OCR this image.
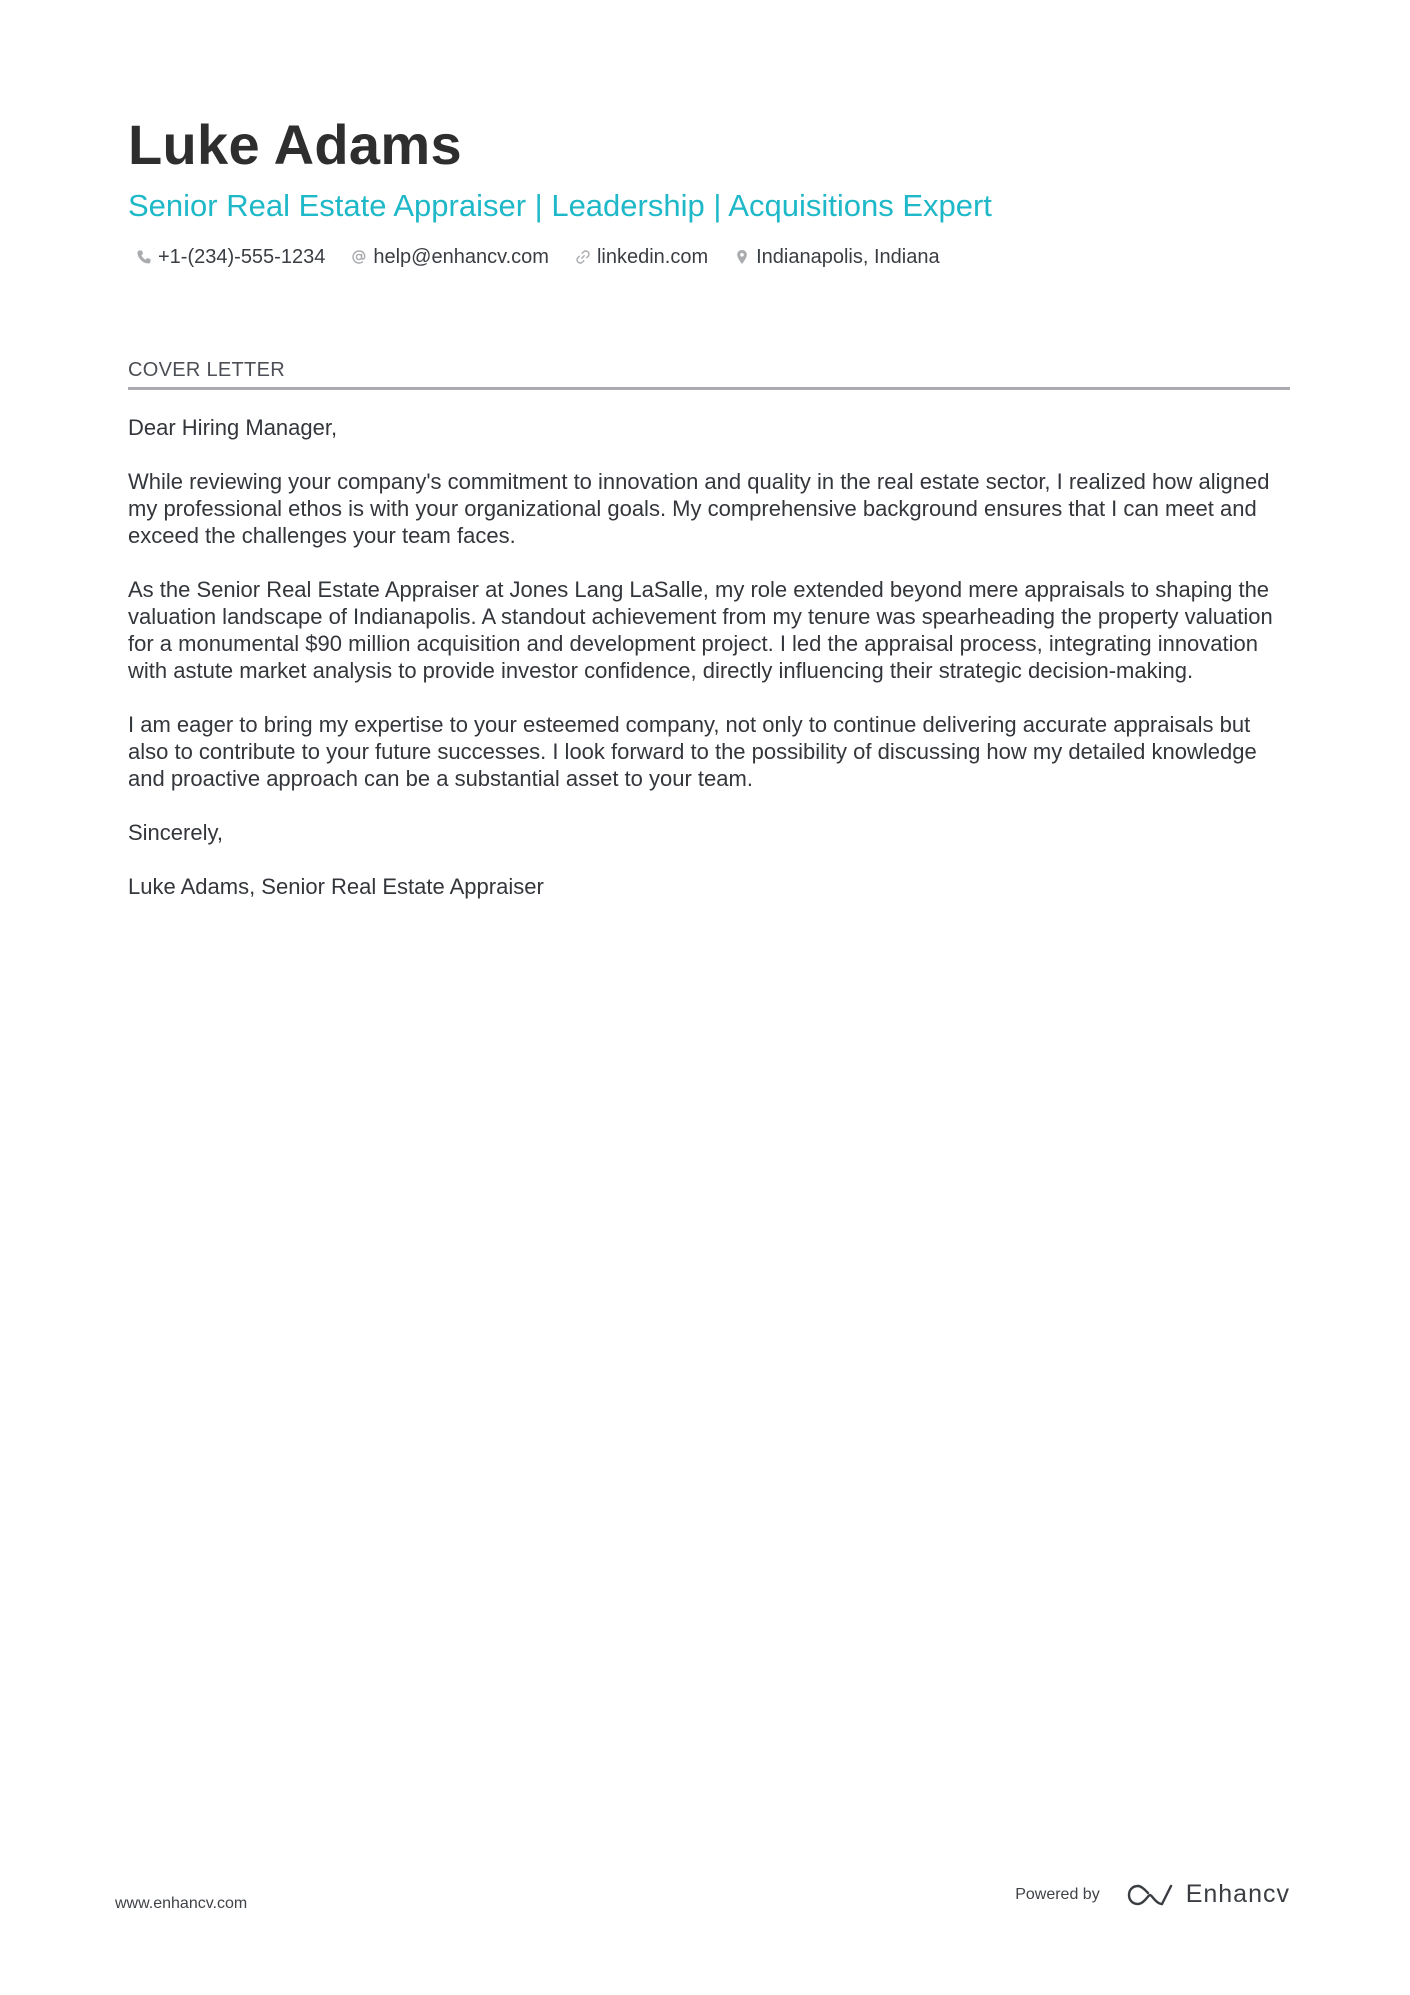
Luke Adams
Senior Real Estate Appraiser | Leadership | Acquisitions Expert
+1-(234)-555-1234 help@enhancv.com linkedin.com Indianapolis, Indiana
COVER LETTER

Dear Hiring Manager,

While reviewing your company's commitment to innovation and quality in the real estate sector, I realized how aligned my professional ethos is with your organizational goals. My comprehensive background ensures that I can meet and exceed the challenges your team faces.

As the Senior Real Estate Appraiser at Jones Lang LaSalle, my role extended beyond mere appraisals to shaping the valuation landscape of Indianapolis. A standout achievement from my tenure was spearheading the property valuation for a monumental $90 million acquisition and development project. I led the appraisal process, integrating innovation with astute market analysis to provide investor confidence, directly influencing their strategic decision-making.

I am eager to bring my expertise to your esteemed company, not only to continue delivering accurate appraisals but also to contribute to your future successes. I look forward to the possibility of discussing how my detailed knowledge and proactive approach can be a substantial asset to your team.

Sincerely,

Luke Adams, Senior Real Estate Appraiser

www.enhancv.com
Powered by	Enhancv
